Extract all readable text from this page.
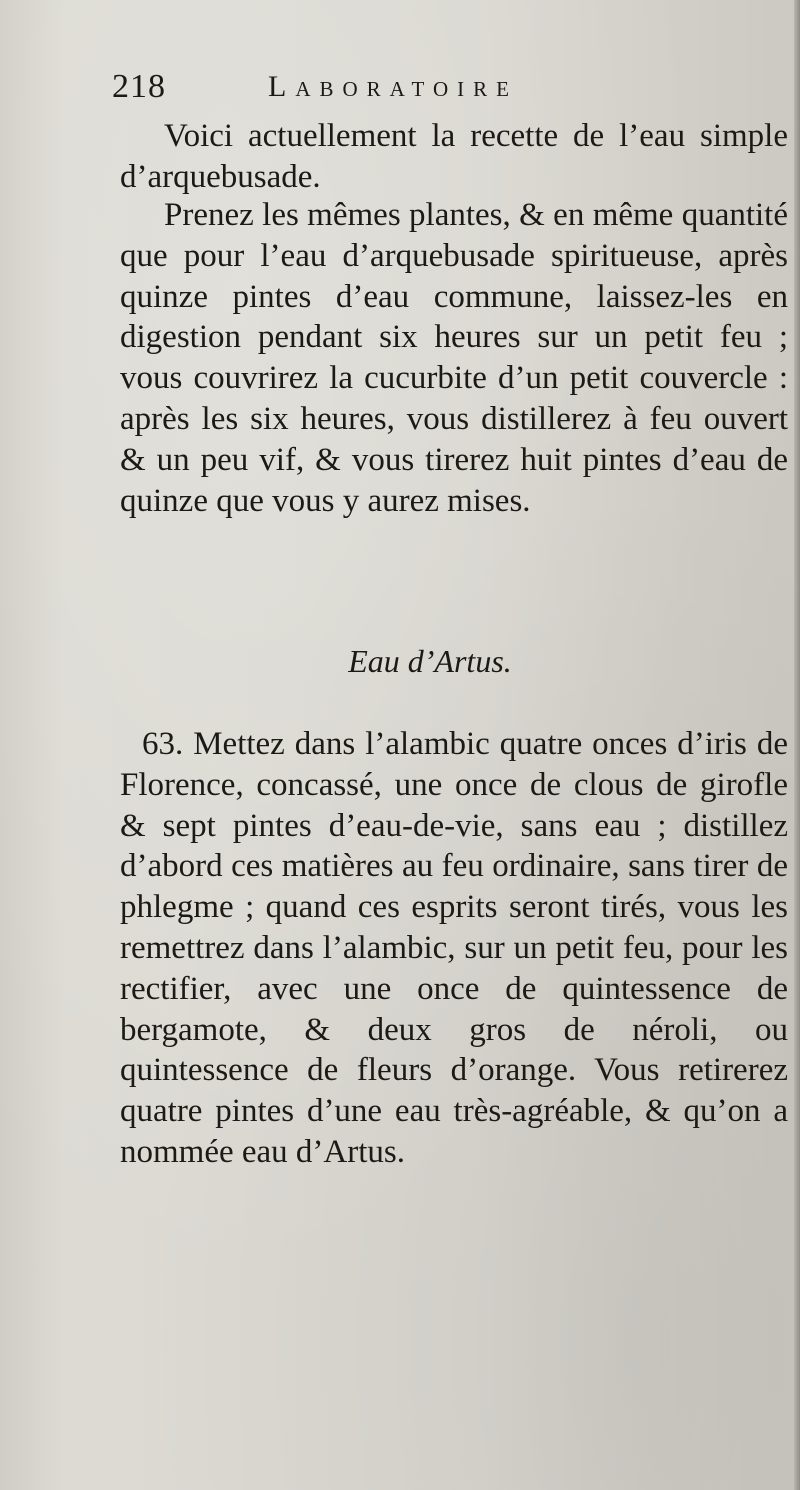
218	Laboratoire

Voici actuellement la recette de l’eau simple d’arquebusade.

Prenez les mêmes plantes, & en même quantité que pour l’eau d’arquebusade spiritueuse, après quinze pintes d’eau commune, laissez-les en digestion pendant six heures sur un petit feu ; vous couvrirez la cucurbite d’un petit couvercle : après les six heures, vous distillerez à feu ouvert & un peu vif, & vous tirerez huit pintes d’eau de quinze que vous y aurez mises.

Eau d’Artus.

63. Mettez dans l’alambic quatre onces d’iris de Florence, concassé, une once de clous de girofle & sept pintes d’eau-de-vie, sans eau ; distillez d’abord ces matières au feu ordinaire, sans tirer de phlegme ; quand ces esprits seront tirés, vous les remettrez dans l’alambic, sur un petit feu, pour les rectifier, avec une once de quintessence de bergamote, & deux gros de néroli, ou quintessence de fleurs d’orange. Vous retirerez quatre pintes d’une eau très-agréable, & qu’on a nommée eau d’Artus.
